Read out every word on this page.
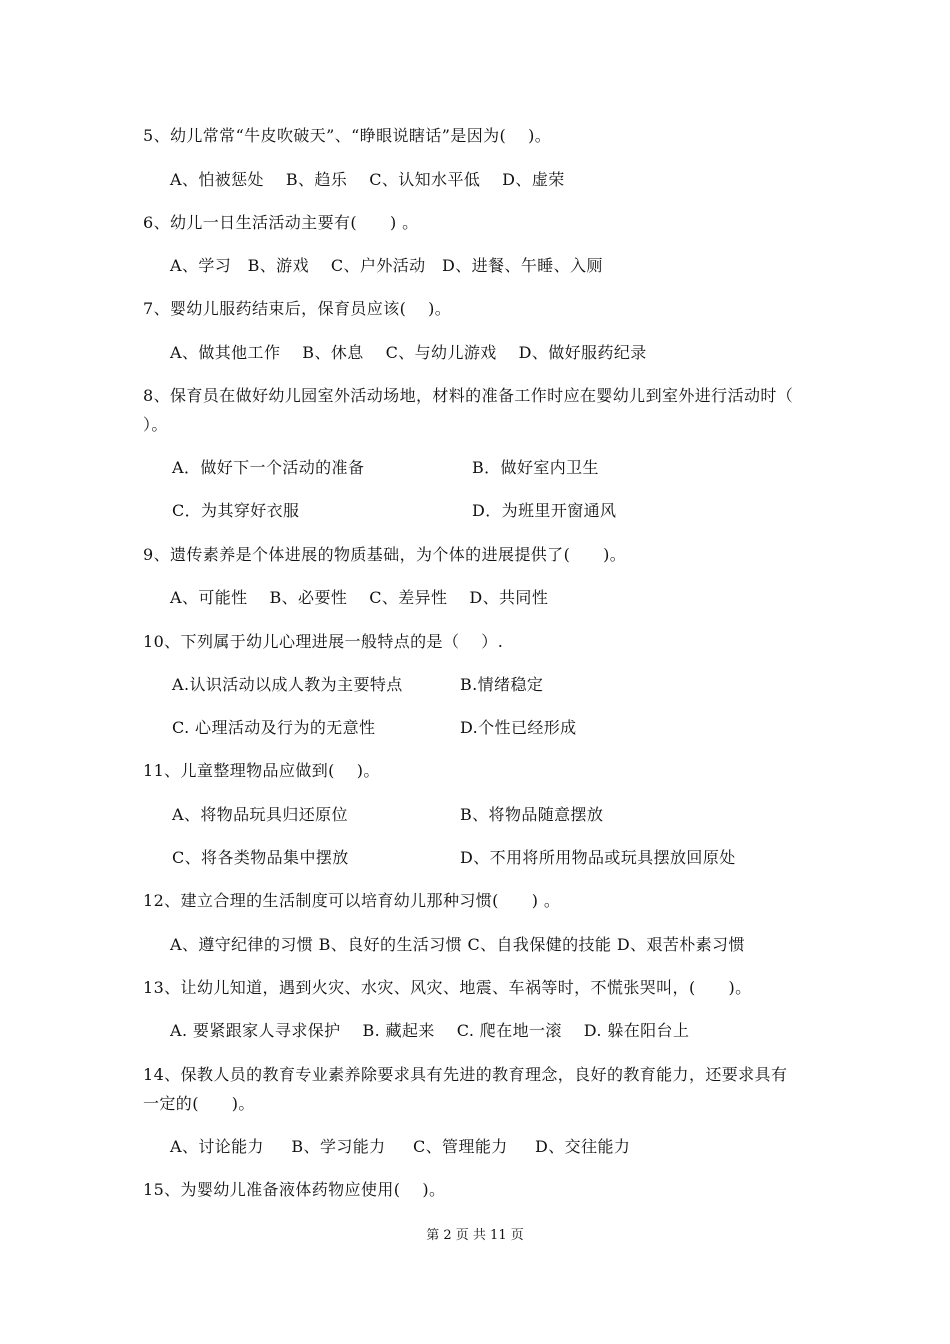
5、幼儿常常“牛皮吹破天”、“睁眼说瞎话”是因为(    )。
A、怕被惩处    B、趋乐    C、认知水平低    D、虚荣
6、幼儿一日生活活动主要有(      ) 。
A、学习   B、游戏    C、户外活动   D、进餐、午睡、入厕
7、婴幼儿服药结束后，保育员应该(    )。
A、做其他工作    B、休息    C、与幼儿游戏    D、做好服药纪录
8、保育员在做好幼儿园室外活动场地，材料的准备工作时应在婴幼儿到室外进行活动时（
）。
A．做好下一个活动的准备	B．做好室内卫生
C．为其穿好衣服	D．为班里开窗通风
9、遗传素养是个体进展的物质基础，为个体的进展提供了(      )。
A、可能性    B、必要性    C、差异性    D、共同性
10、下列属于幼儿心理进展一般特点的是（    ）.
A.认识活动以成人教为主要特点	B.情绪稳定
C. 心理活动及行为的无意性	D.个性已经形成
11、儿童整理物品应做到(    )。
A、将物品玩具归还原位	B、将物品随意摆放
C、将各类物品集中摆放	D、不用将所用物品或玩具摆放回原处
12、建立合理的生活制度可以培育幼儿那种习惯(      ) 。
A、遵守纪律的习惯 B、良好的生活习惯 C、自我保健的技能 D、艰苦朴素习惯
13、让幼儿知道，遇到火灾、水灾、风灾、地震、车祸等时，不慌张哭叫，(      )。
A. 要紧跟家人寻求保护    B. 藏起来    C. 爬在地一滚    D. 躲在阳台上
14、保教人员的教育专业素养除要求具有先进的教育理念，良好的教育能力，还要求具有
一定的(      )。
A、讨论能力     B、学习能力     C、管理能力     D、交往能力
15、为婴幼儿准备液体药物应使用(    )。
第 2 页 共 11 页
